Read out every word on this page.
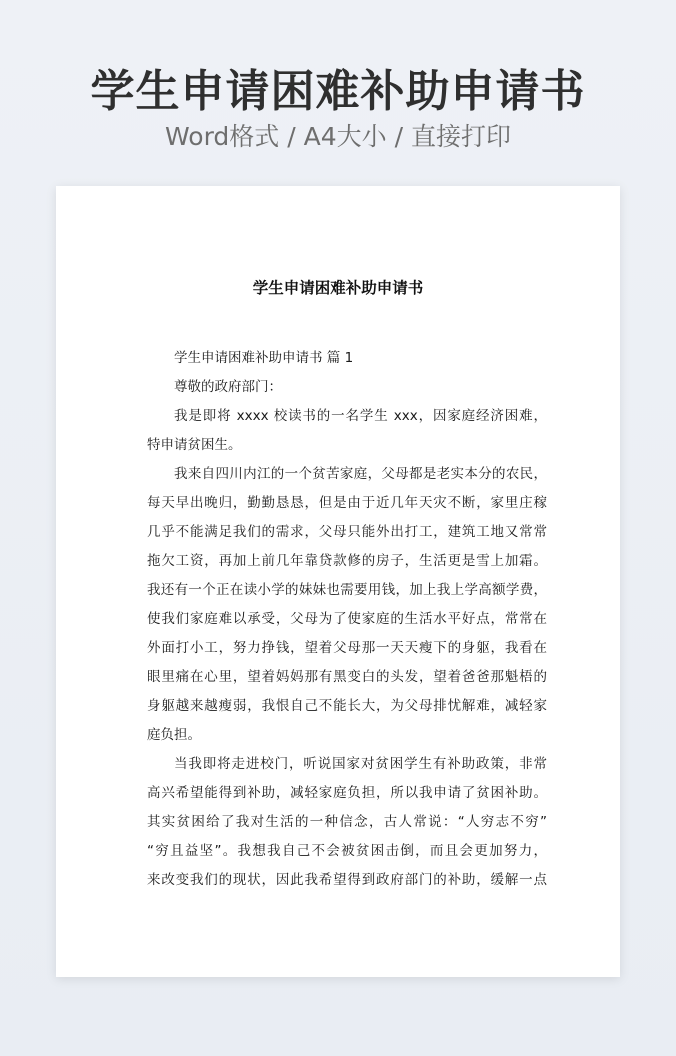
学生申请困难补助申请书
Word格式 / A4大小 / 直接打印
学生申请困难补助申请书
学生申请困难补助申请书 篇 1
尊敬的政府部门：
我是即将 xxxx 校读书的一名学生 xxx，因家庭经济困难，
特申请贫困生。
我来自四川内江的一个贫苦家庭，父母都是老实本分的农民，
每天早出晚归，勤勤恳恳，但是由于近几年天灾不断，家里庄稼
几乎不能满足我们的需求，父母只能外出打工，建筑工地又常常
拖欠工资，再加上前几年靠贷款修的房子，生活更是雪上加霜。
我还有一个正在读小学的妹妹也需要用钱，加上我上学高额学费，
使我们家庭难以承受，父母为了使家庭的生活水平好点，常常在
外面打小工，努力挣钱，望着父母那一天天瘦下的身躯，我看在
眼里痛在心里，望着妈妈那有黑变白的头发，望着爸爸那魁梧的
身躯越来越瘦弱，我恨自己不能长大，为父母排忧解难，减轻家
庭负担。
当我即将走进校门，听说国家对贫困学生有补助政策，非常
高兴希望能得到补助，减轻家庭负担，所以我申请了贫困补助。
其实贫困给了我对生活的一种信念，古人常说：“人穷志不穷”
“穷且益坚”。我想我自己不会被贫困击倒，而且会更加努力，
来改变我们的现状，因此我希望得到政府部门的补助，缓解一点
